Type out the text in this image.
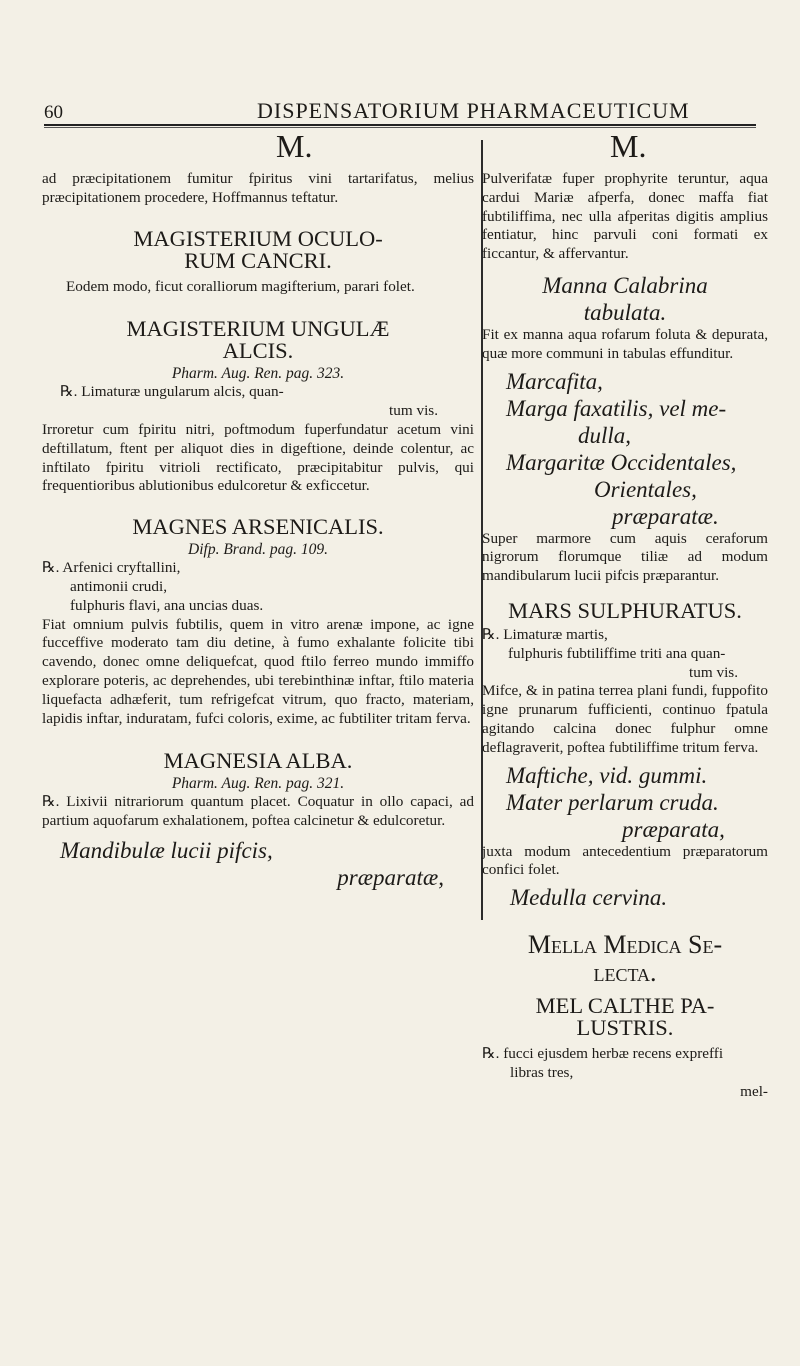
60	DISPENSATORIUM PHARMACEUTICUM
M.	M.

ad præcipitationem fumitur fpiritus vini tartarifatus, melius præcipitationem procedere, Hoffmannus teftatur.

MAGISTERIUM OCULO-

RUM CANCRI.

Eodem modo, ficut coralliorum magifterium, parari folet.

MAGISTERIUM UNGULÆ

ALCIS.

Pharm. Aug. Ren. pag. 323.

℞. Limaturæ ungularum alcis, quan-

tum vis.

Irroretur cum fpiritu nitri, poftmodum fuperfundatur acetum vini deftillatum, ftent per aliquot dies in digeftione, deinde colentur, ac inftilato fpiritu vitrioli rectificato, præcipitabitur pulvis, qui frequentioribus ablutionibus edulcoretur & exficcetur.

MAGNES ARSENICALIS.

Difp. Brand. pag. 109.

℞. Arfenici cryftallini,

antimonii crudi,

fulphuris flavi, ana uncias duas.

Fiat omnium pulvis fubtilis, quem in vitro arenæ impone, ac igne fucceffive moderato tam diu detine, à fumo exhalante folicite tibi cavendo, donec omne deliquefcat, quod ftilo ferreo mundo immiffo explorare poteris, ac deprehendes, ubi terebinthinæ inftar, ftilo materia liquefacta adhæferit, tum refrigefcat vitrum, quo fracto, materiam, lapidis inftar, induratam, fufci coloris, exime, ac fubtiliter tritam ferva.

MAGNESIA ALBA.

Pharm. Aug. Ren. pag. 321.

℞. Lixivii nitrariorum quantum placet. Coquatur in ollo capaci, ad partium aquofarum exhalationem, poftea calcinetur & edulcoretur.

Mandibulæ lucii pifcis,

præparatæ,

Pulverifatæ fuper prophyrite teruntur, aqua cardui Mariæ afperfa, donec maffa fiat fubtiliffima, nec ulla afperitas digitis amplius fentiatur, hinc parvuli coni formati ex ficcantur, & affervantur.

Manna Calabrina

tabulata.

Fit ex manna aqua rofarum foluta & depurata, quæ more communi in tabulas effunditur.

Marcafita,

Marga faxatilis, vel me-

dulla,

Margaritæ Occidentales,

Orientales,

præparatæ.

Super marmore cum aquis ceraforum nigrorum florumque tiliæ ad modum mandibularum lucii pifcis præparantur.

MARS SULPHURATUS.

℞. Limaturæ martis,

fulphuris fubtiliffime triti ana quan-

tum vis.

Mifce, & in patina terrea plani fundi, fuppofito igne prunarum fufficienti, continuo fpatula agitando calcina donec fulphur omne deflagraverit, poftea fubtiliffime tritum ferva.

Maftiche, vid. gummi.

Mater perlarum cruda.

præparata,

juxta modum antecedentium præparatorum confici folet.

Medulla cervina.

Mella Medica Se-

lecta.

MEL CALTHE PA-

LUSTRIS.

℞. fucci ejusdem herbæ recens expreffi

libras tres,

mel-
